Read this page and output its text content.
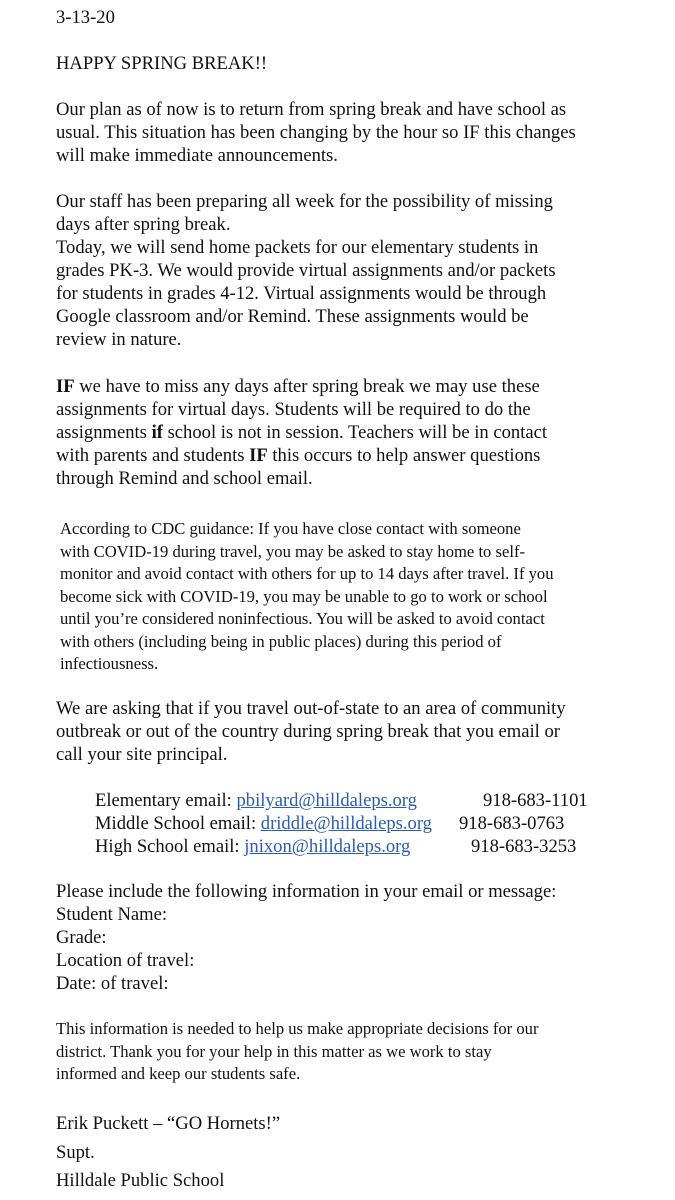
3-13-20
HAPPY SPRING BREAK!!
Our plan as of now is to return from spring break and have school as
usual. This situation has been changing by the hour so IF this changes
will make immediate announcements.
Our staff has been preparing all week for the possibility of missing
days after spring break.
Today, we will send home packets for our elementary students in
grades PK-3. We would provide virtual assignments and/or packets
for students in grades 4-12. Virtual assignments would be through
Google classroom and/or Remind. These assignments would be
review in nature.
IF we have to miss any days after spring break we may use these
assignments for virtual days. Students will be required to do the
assignments if school is not in session. Teachers will be in contact
with parents and students IF this occurs to help answer questions
through Remind and school email.
According to CDC guidance: If you have close contact with someone
with COVID-19 during travel, you may be asked to stay home to self-
monitor and avoid contact with others for up to 14 days after travel. If you
become sick with COVID-19, you may be unable to go to work or school
until you’re considered noninfectious. You will be asked to avoid contact
with others (including being in public places) during this period of
infectiousness.
We are asking that if you travel out-of-state to an area of community
outbreak or out of the country during spring break that you email or
call your site principal.
Elementary email: pbilyard@hilldaleps.org	918-683-1101
Middle School email: driddle@hilldaleps.org 918-683-0763
High School email: jnixon@hilldaleps.org	918-683-3253
Please include the following information in your email or message:
Student Name:
Grade:
Location of travel:
Date: of travel:
This information is needed to help us make appropriate decisions for our
district. Thank you for your help in this matter as we work to stay
informed and keep our students safe.
Erik Puckett – “GO Hornets!”
Supt.
Hilldale Public School
